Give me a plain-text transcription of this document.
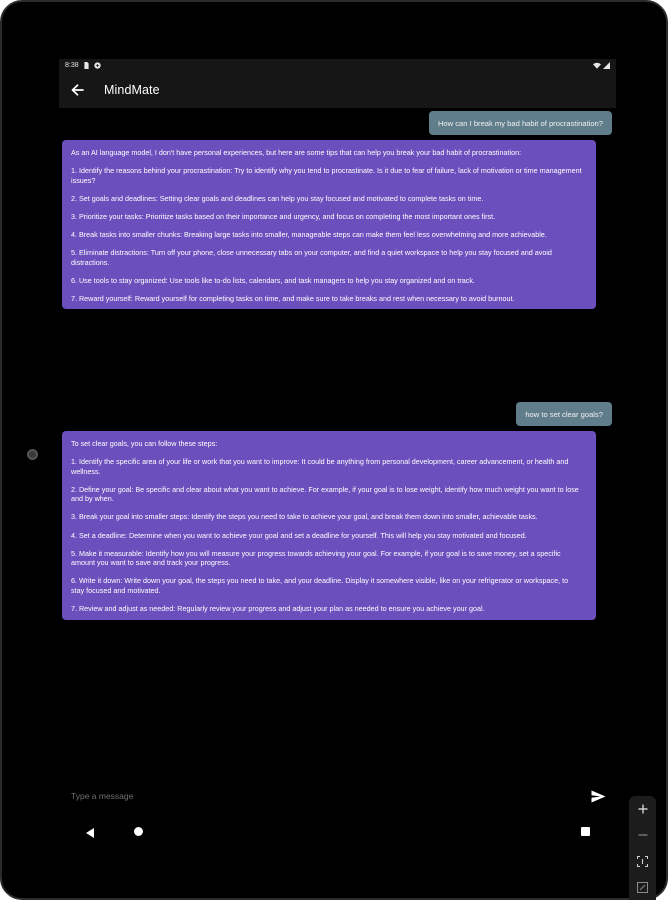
8:38
MindMate
How can I break my bad habit of procrastination?

As an AI language model, I don't have personal experiences, but here are some tips that can help you break your bad habit of procrastination:

1. Identify the reasons behind your procrastination: Try to identify why you tend to procrastinate. Is it due to fear of failure, lack of motivation or time management issues?

2. Set goals and deadlines: Setting clear goals and deadlines can help you stay focused and motivated to complete tasks on time.

3. Prioritize your tasks: Prioritize tasks based on their importance and urgency, and focus on completing the most important ones first.

4. Break tasks into smaller chunks: Breaking large tasks into smaller, manageable steps can make them feel less overwhelming and more achievable.

5. Eliminate distractions: Turn off your phone, close unnecessary tabs on your computer, and find a quiet workspace to help you stay focused and avoid distractions.

6. Use tools to stay organized: Use tools like to-do lists, calendars, and task managers to help you stay organized and on track.

7. Reward yourself: Reward yourself for completing tasks on time, and make sure to take breaks and rest when necessary to avoid burnout.

how to set clear goals?

To set clear goals, you can follow these steps:

1. Identify the specific area of your life or work that you want to improve: It could be anything from personal development, career advancement, or health and wellness.

2. Define your goal: Be specific and clear about what you want to achieve. For example, if your goal is to lose weight, identify how much weight you want to lose and by when.

3. Break your goal into smaller steps: Identify the steps you need to take to achieve your goal, and break them down into smaller, achievable tasks.

4. Set a deadline: Determine when you want to achieve your goal and set a deadline for yourself. This will help you stay motivated and focused.

5. Make it measurable: Identify how you will measure your progress towards achieving your goal. For example, if your goal is to save money, set a specific amount you want to save and track your progress.

6. Write it down: Write down your goal, the steps you need to take, and your deadline. Display it somewhere visible, like on your refrigerator or workspace, to stay focused and motivated.

7. Review and adjust as needed: Regularly review your progress and adjust your plan as needed to ensure you achieve your goal.

Type a message
